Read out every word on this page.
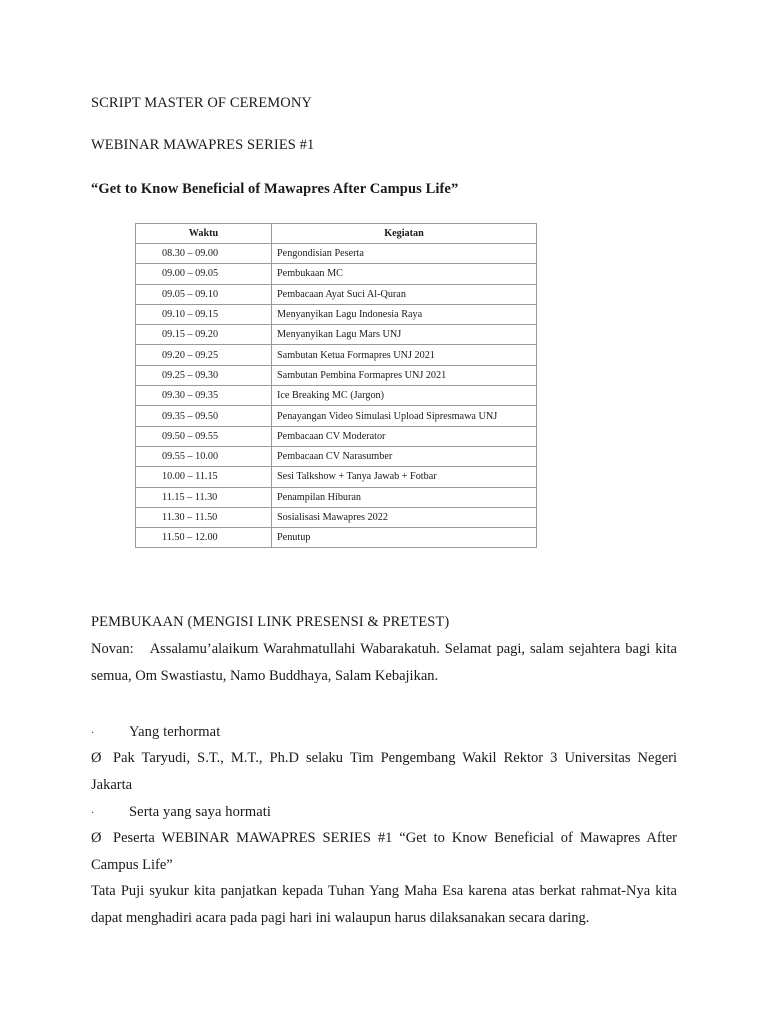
SCRIPT MASTER OF CEREMONY
WEBINAR MAWAPRES SERIES #1
“Get to Know Beneficial of Mawapres After Campus Life”
Waktu	Kegiatan
08.30 – 09.00	Pengondisian Peserta
09.00 – 09.05	Pembukaan MC
09.05 – 09.10	Pembacaan Ayat Suci Al-Quran
09.10 – 09.15	Menyanyikan Lagu Indonesia Raya
09.15 – 09.20	Menyanyikan Lagu Mars UNJ
09.20 – 09.25	Sambutan Ketua Formapres UNJ 2021
09.25 – 09.30	Sambutan Pembina Formapres UNJ 2021
09.30 – 09.35	Ice Breaking MC (Jargon)
09.35 – 09.50	Penayangan Video Simulasi Upload Sipresmawa UNJ
09.50 – 09.55	Pembacaan CV Moderator
09.55 – 10.00	Pembacaan CV Narasumber
10.00 – 11.15	Sesi Talkshow + Tanya Jawab + Fotbar
11.15 – 11.30	Penampilan Hiburan
11.30 – 11.50	Sosialisasi Mawapres 2022
11.50 – 12.00	Penutup
PEMBUKAAN (MENGISI LINK PRESENSI & PRETEST)
Novan: Assalamu’alaikum Warahmatullahi Wabarakatuh. Selamat pagi, salam sejahtera bagi kita semua, Om Swastiastu, Namo Buddhaya, Salam Kebajikan.
· Yang terhormat
Ø Pak Taryudi, S.T., M.T., Ph.D selaku Tim Pengembang Wakil Rektor 3 Universitas Negeri Jakarta
· Serta yang saya hormati
Ø Peserta WEBINAR MAWAPRES SERIES #1 “Get to Know Beneficial of Mawapres After Campus Life”
Tata Puji syukur kita panjatkan kepada Tuhan Yang Maha Esa karena atas berkat rahmat-Nya kita dapat menghadiri acara pada pagi hari ini walaupun harus dilaksanakan secara daring.
